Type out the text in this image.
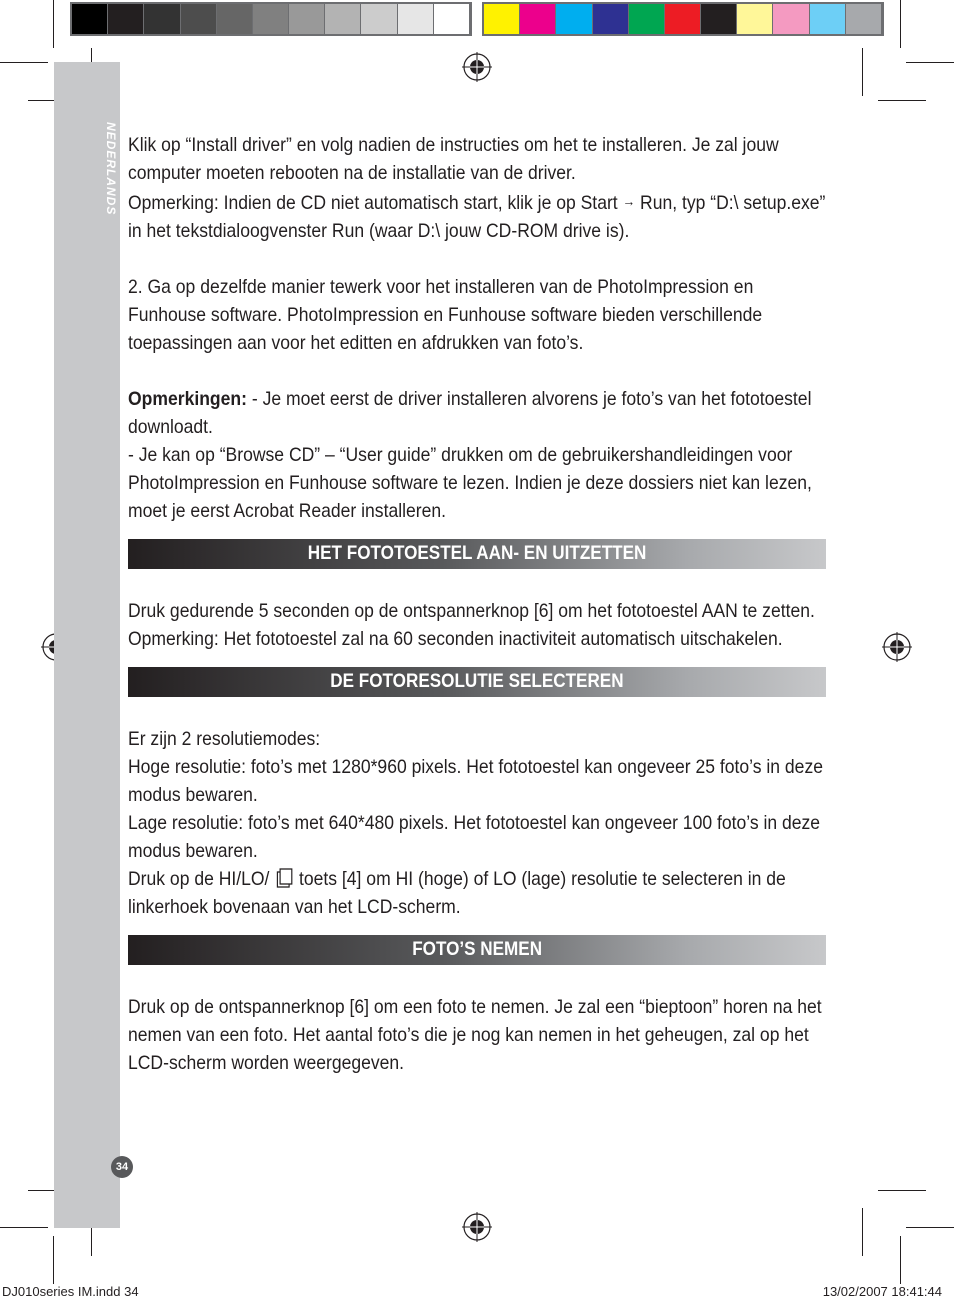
NEDERLANDS
34

Klik op “Install driver” en volg nadien de instructies om het te installeren. Je zal jouw computer moeten rebooten na de installatie van de driver.

Opmerking: Indien de CD niet automatisch start, klik je op Start → Run, typ “D:\ setup.exe” in het tekstdialoogvenster Run (waar D:\ jouw CD-ROM drive is).

2. Ga op dezelfde manier tewerk voor het installeren van de PhotoImpression en Funhouse software. PhotoImpression en Funhouse software bieden verschillende toepassingen aan voor het editten en afdrukken van foto’s.

Opmerkingen: - Je moet eerst de driver installeren alvorens je foto’s van het fototoestel downloadt.

- Je kan op “Browse CD” – “User guide” drukken om de gebruikershandleidingen voor PhotoImpression en Funhouse software te lezen. Indien je deze dossiers niet kan lezen, moet je eerst Acrobat Reader installeren.

HET FOTOTOESTEL AAN- EN UITZETTEN

Druk gedurende 5 seconden op de ontspannerknop [6] om het fototoestel AAN te zetten.

Opmerking: Het fototoestel zal na 60 seconden inactiviteit automatisch uitschakelen.

DE FOTORESOLUTIE SELECTEREN

Er zijn 2 resolutiemodes:

Hoge resolutie: foto’s met 1280*960 pixels. Het fototoestel kan ongeveer 25 foto’s in deze modus bewaren.

Lage resolutie: foto’s met 640*480 pixels. Het fototoestel kan ongeveer 100 foto’s in deze modus bewaren.

Druk op de HI/LO/  toets [4] om HI (hoge) of LO (lage) resolutie te selecteren in de linkerhoek bovenaan van het LCD-scherm.

FOTO’S NEMEN

Druk op de ontspannerknop [6] om een foto te nemen. Je zal een “bieptoon” horen na het nemen van een foto. Het aantal foto’s die je nog kan nemen in het geheugen, zal op het LCD-scherm worden weergegeven.

DJ010series IM.indd 34	13/02/2007 18:41:44
